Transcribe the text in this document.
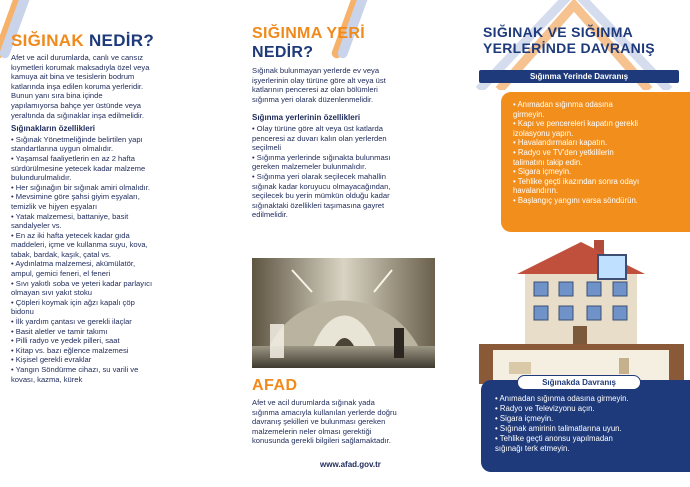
SIĞINAK NEDİR?

Afet ve acil durumlarda, canlı ve cansız

kıymetleri korumak maksadıyla özel veya

kamuya ait bina ve tesislerin bodrum

katlarında inşa edilen koruma yerleridir.

Bunun yanı sıra bina içinde

yapılamıyorsa bahçe yer üstünde veya

yeraltında da sığınaklar inşa edilmelidir.

Sığınakların özellikleri
• Sığınak Yönetmeliğinde belirtilen yapı
standartlarına uygun olmalıdır.
• Yaşamsal faaliyetlerin en az 2 hafta
sürdürülmesine yetecek kadar malzeme
bulundurulmalıdır.
• Her sığınağın bir sığınak amiri olmalıdır.
• Mevsimine göre şahsi giyim eşyaları,
temizlik ve hijyen eşyaları
• Yatak malzemesi, battaniye, basit
sandalyeler vs.
• En az iki hafta yetecek kadar gıda
maddeleri, içme ve kullanma suyu, kova,
tabak, bardak, kaşık, çatal vs.
• Aydınlatma malzemesi, akümülatör,
ampul, gemici feneri, el feneri
• Sıvı yakıtlı soba ve yeteri kadar parlayıcı
olmayan sıvı yakıt stoku
• Çöpleri koymak için ağzı kapalı çöp
bidonu
• İlk yardım çantası ve gerekli ilaçlar
• Basit aletler ve tamir takımı
• Pilli radyo ve yedek pilleri, saat
• Kitap vs. bazı eğlence malzemesi
• Kişisel gerekli evraklar
• Yangın Söndürme cihazı, su varili ve
kovası, kazma, kürek
SIĞINMA YERİ
NEDİR?

Sığınak bulunmayan yerlerde ev veya

işyerlerinin olay türüne göre alt veya üst

katlarının penceresi az olan bölümleri

sığınma yeri olarak düzenlenmelidir.

Sığınma yerlerinin özellikleri
• Olay türüne göre alt veya üst katlarda
penceresi az duvarı kalın olan yerlerden
seçilmeli
• Sığınma yerlerinde sığınakta bulunması
gereken malzemeler bulunmalıdır.
• Sığınma yeri olarak seçilecek mahallin
sığınak kadar koruyucu olmayacağından,
seçilecek bu yerin mümkün olduğu kadar
sığınaktaki özellikleri taşımasına gayret
edilmelidir.
AFAD

Afet ve acil durumlarda sığınak yada

sığınma amacıyla kullanılan yerlerde doğru

davranış şekilleri ve bulunması gereken

malzemelerin neler olması gerektiği

konusunda gerekli bilgileri sağlamaktadır.

www.afad.gov.tr
SIĞINAK VE SIĞINMA
YERLERİNDE DAVRANIŞ
Sığınma Yerinde Davranış
• Anımadan sığınma odasına
girmeyin.
• Kapı ve pencereleri kapatın gerekli
izolasyonu yapın.
• Havalandırmaları kapatın.
• Radyo ve TV'den yetkililerin
talimatını takip edin.
• Sigara içmeyin.
• Tehlike geçti ikazından sonra odayı
havalandırın.
• Başlangıç yangını varsa söndürün.
• Anımadan sığınma odasına girmeyin.
• Radyo ve Televizyonu açın.
• Sigara içmeyin.
• Sığınak amirinin talimatlarına uyun.
• Tehlike geçti anonsu yapılmadan
sığınağı terk etmeyin.
Sığınakda Davranış
